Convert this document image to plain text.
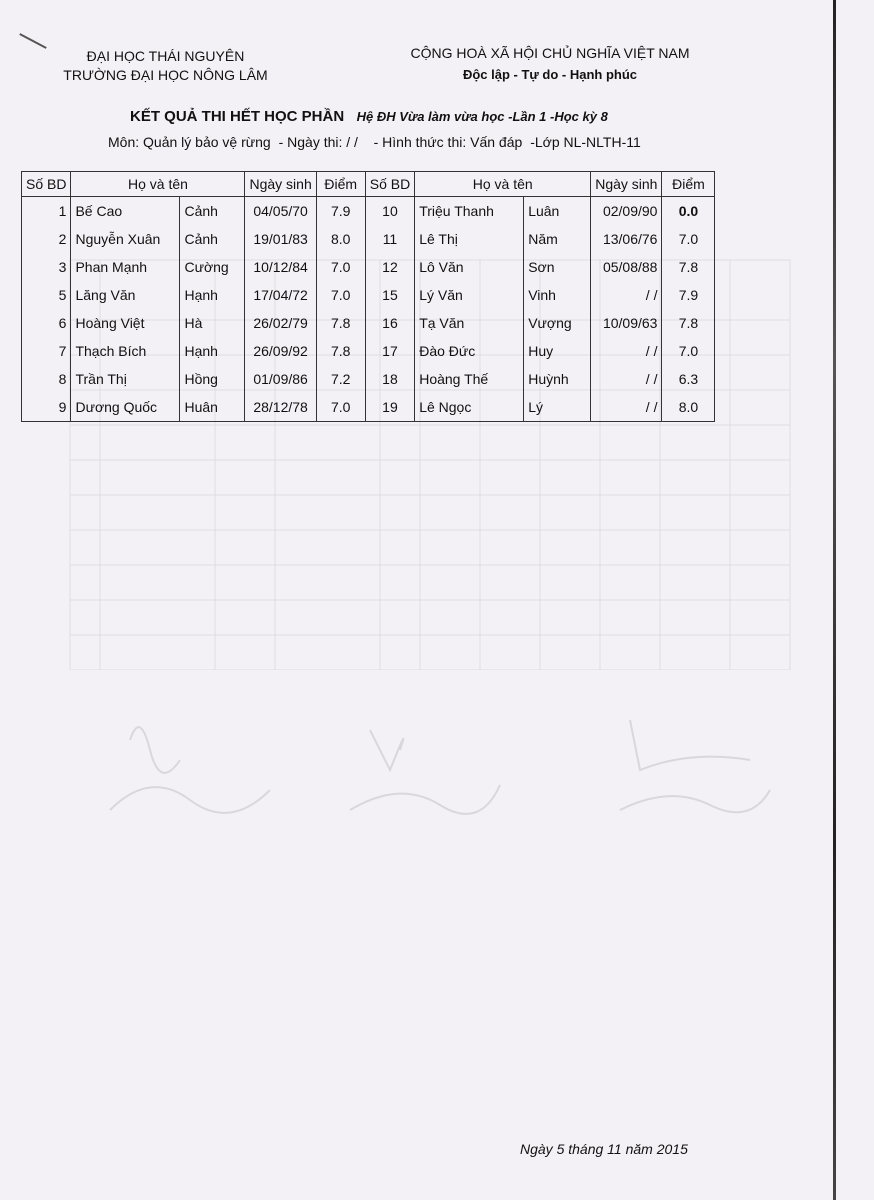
ĐẠI HỌC THÁI NGUYÊN
TRƯỜNG ĐẠI HỌC NÔNG LÂM
CỘNG HOÀ XÃ HỘI CHỦ NGHĨA VIỆT NAM
Độc lập - Tự do - Hạnh phúc
KẾT QUẢ THI HẾT HỌC PHẦN Hệ ĐH Vừa làm vừa học -Lần 1 -Học kỳ 8
Môn: Quản lý bảo vệ rừng - Ngày thi: / / - Hình thức thi: Vấn đáp -Lớp NL-NLTH-11
Số BD	Họ và tên		Ngày sinh	Điểm	Số BD	Họ và tên		Ngày sinh	Điểm
1	Bế Cao	Cảnh	04/05/70	7.9	10	Triệu Thanh	Luân	02/09/90	0.0
2	Nguyễn Xuân	Cảnh	19/01/83	8.0	11	Lê Thị	Năm	13/06/76	7.0
3	Phan Mạnh	Cường	10/12/84	7.0	12	Lô Văn	Sơn	05/08/88	7.8
5	Lăng Văn	Hạnh	17/04/72	7.0	15	Lý Văn	Vinh	/ /	7.9
6	Hoàng Việt	Hà	26/02/79	7.8	16	Tạ Văn	Vượng	10/09/63	7.8
7	Thạch Bích	Hạnh	26/09/92	7.8	17	Đào Đức	Huy	/ /	7.0
8	Trần Thị	Hồng	01/09/86	7.2	18	Hoàng Thế	Huỳnh	/ /	6.3
9	Dương Quốc	Huân	28/12/78	7.0	19	Lê Ngọc	Lý	/ /	8.0
Ngày 5 tháng 11 năm 2015
